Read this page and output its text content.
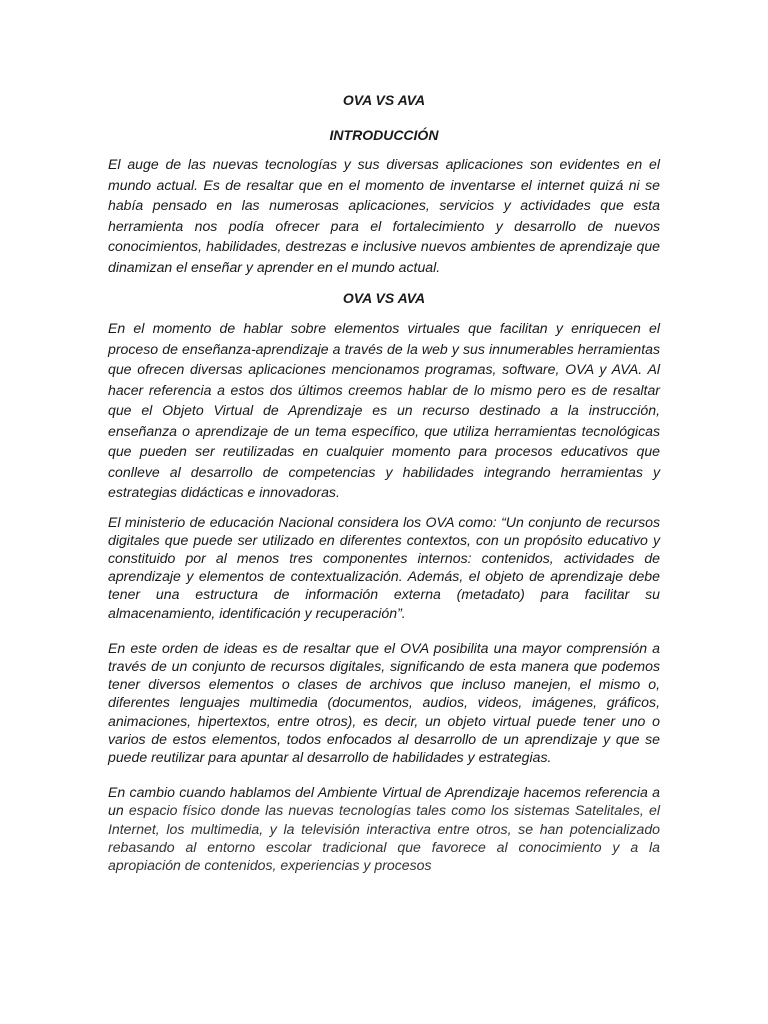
OVA VS AVA

INTRODUCCIÓN

El auge de las nuevas tecnologías y sus diversas aplicaciones son evidentes en el mundo actual. Es de resaltar que en el momento de inventarse el internet quizá ni se había pensado en las numerosas aplicaciones, servicios y actividades que esta herramienta nos podía ofrecer para el fortalecimiento y desarrollo de nuevos conocimientos, habilidades, destrezas e inclusive nuevos ambientes de aprendizaje que dinamizan el enseñar y aprender en el mundo actual.

OVA VS AVA

En el momento de hablar sobre elementos virtuales que facilitan y enriquecen el proceso de enseñanza-aprendizaje a través de la web y sus innumerables herramientas que ofrecen diversas aplicaciones mencionamos programas, software, OVA y AVA. Al hacer referencia a estos dos últimos creemos hablar de lo mismo pero es de resaltar que el Objeto Virtual de Aprendizaje es un recurso destinado a la instrucción, enseñanza o aprendizaje de un tema específico, que utiliza herramientas tecnológicas que pueden ser reutilizadas en cualquier momento para procesos educativos que conlleve al desarrollo de competencias y habilidades integrando herramientas y estrategias didácticas e innovadoras.

El ministerio de educación Nacional considera los OVA como: “Un conjunto de recursos digitales que puede ser utilizado en diferentes contextos, con un propósito educativo y constituido por al menos tres componentes internos: contenidos, actividades de aprendizaje y elementos de contextualización. Además, el objeto de aprendizaje debe tener una estructura de información externa (metadato) para facilitar su almacenamiento, identificación y recuperación”.

En este orden de ideas es de resaltar que el OVA posibilita una mayor comprensión a través de un conjunto de recursos digitales, significando de esta manera que podemos tener diversos elementos o clases de archivos que incluso manejen, el mismo o, diferentes lenguajes multimedia (documentos, audios, videos, imágenes, gráficos, animaciones, hipertextos, entre otros), es decir, un objeto virtual puede tener uno o varios de estos elementos, todos enfocados al desarrollo de un aprendizaje y que se puede reutilizar para apuntar al desarrollo de habilidades y estrategias.

En cambio cuando hablamos del Ambiente Virtual de Aprendizaje hacemos referencia a un espacio físico donde las nuevas tecnologías tales como los sistemas Satelitales, el Internet, los multimedia, y la televisión interactiva entre otros, se han potencializado rebasando al entorno escolar tradicional que favorece al conocimiento y a la apropiación de contenidos, experiencias y procesos
